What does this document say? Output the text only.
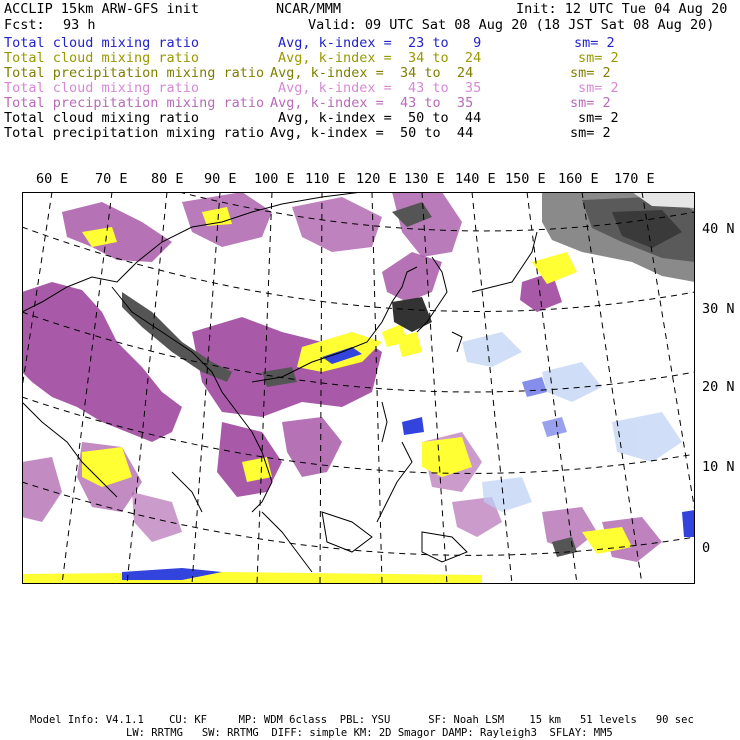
ACCLIP 15km ARW-GFS init	NCAR/MMM	Init: 12 UTC Tue 04 Aug 20
Fcst: 93 h	Valid: 09 UTC Sat 08 Aug 20 (18 JST Sat 08 Aug 20)
Total cloud mixing ratio	Avg, k-index =  23 to   9	sm= 2
Total cloud mixing ratio	Avg, k-index =  34 to  24	sm= 2
Total precipitation mixing ratio Avg, k-index =  34 to  24	sm= 2
Total cloud mixing ratio	Avg, k-index =  43 to  35	sm= 2
Total precipitation mixing ratio Avg, k-index =  43 to  35	sm= 2
Total cloud mixing ratio	Avg, k-index =  50 to  44	sm= 2
Total precipitation mixing ratio Avg, k-index =  50 to  44	sm= 2
60 E 70 E 80 E 90 E 100 E 110 E 120 E 130 E 140 E 150 E 160 E 170 E
40 N
30 N
20 N
10 N
0
Model Info: V4.1.1    CU: KF     MP: WDM 6class  PBL: YSU      SF: Noah LSM    15 km   51 levels   90 sec
LW: RRTMG   SW: RRTMG  DIFF: simple KM: 2D Smagor DAMP: Rayleigh3  SFLAY: MM5
